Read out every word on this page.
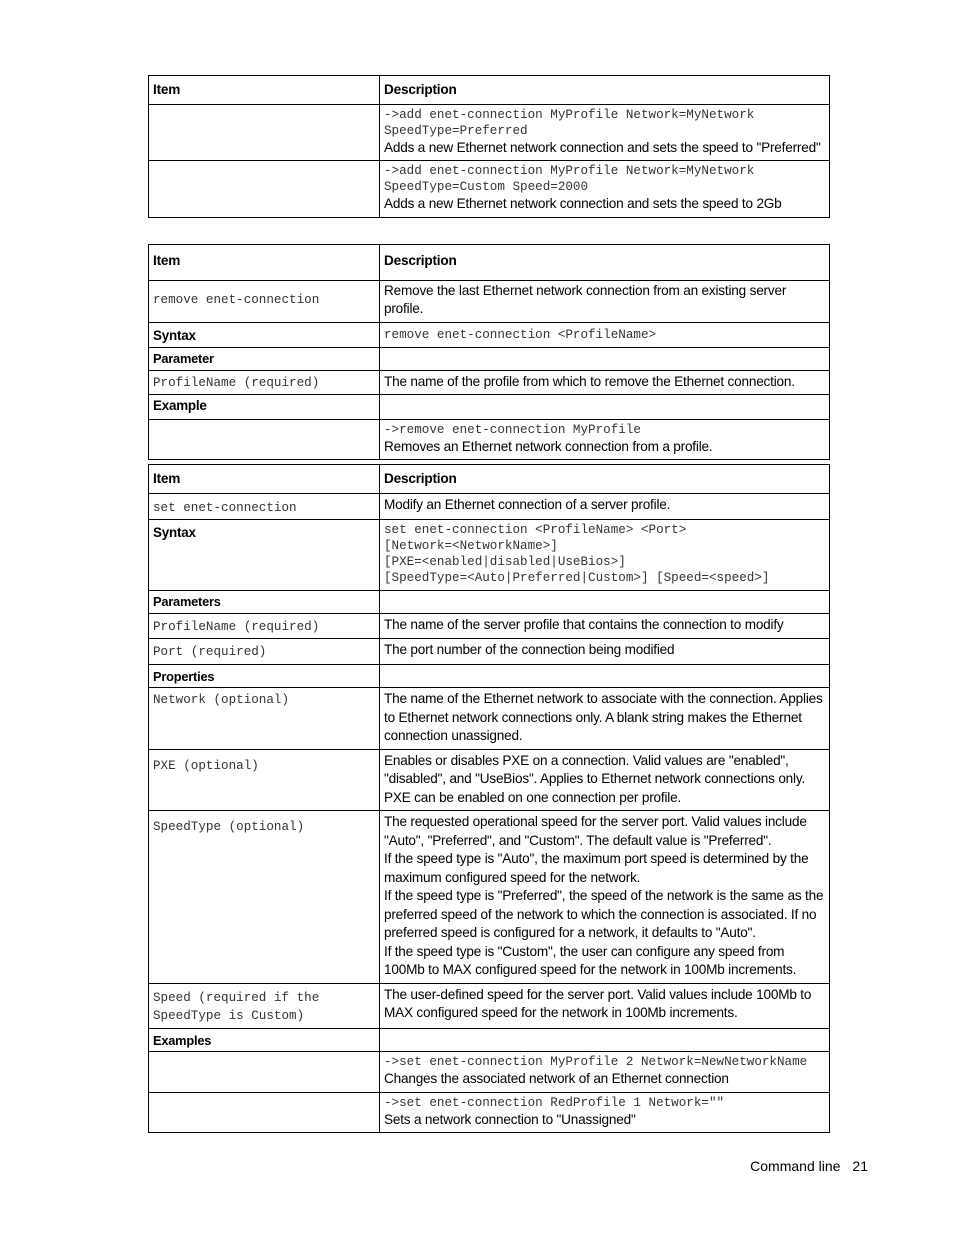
Item	Description

	->add enet-connection MyProfile Network=MyNetwork SpeedType=Preferred
Adds a new Ethernet network connection and sets the speed to "Preferred"

	->add enet-connection MyProfile Network=MyNetwork SpeedType=Custom Speed=2000
Adds a new Ethernet network connection and sets the speed to 2Gb
Item	Description
remove enet-connection	Remove the last Ethernet network connection from an existing server profile.
Syntax	remove enet-connection <ProfileName>
Parameter	
ProfileName (required)	The name of the profile from which to remove the Ethernet connection.
Example	

	->remove enet-connection MyProfile
Removes an Ethernet network connection from a profile.
Item	Description
set enet-connection	Modify an Ethernet connection of a server profile.
Syntax	set enet-connection <ProfileName> <Port>
[Network=<NetworkName>]
[PXE=<enabled|disabled|UseBios>]
[SpeedType=<Auto|Preferred|Custom>] [Speed=<speed>]

Parameters	
ProfileName (required)	The name of the server profile that contains the connection to modify
Port (required)	The port number of the connection being modified
Properties	
Network (optional)	The name of the Ethernet network to associate with the connection. Applies to Ethernet network connections only. A blank string makes the Ethernet connection unassigned.
PXE (optional)	Enables or disables PXE on a connection. Valid values are "enabled", "disabled", and "UseBios". Applies to Ethernet network connections only. PXE can be enabled on one connection per profile.
SpeedType (optional)	The requested operational speed for the server port. Valid values include "Auto", "Preferred", and "Custom". The default value is "Preferred".
If the speed type is "Auto", the maximum port speed is determined by the maximum configured speed for the network.
If the speed type is "Preferred", the speed of the network is the same as the preferred speed of the network to which the connection is associated. If no preferred speed is configured for a network, it defaults to "Auto".
If the speed type is "Custom", the user can configure any speed from 100Mb to MAX configured speed for the network in 100Mb increments.

Speed (required if the SpeedType is Custom)	The user-defined speed for the server port. Valid values include 100Mb to MAX configured speed for the network in 100Mb increments.
Examples	

	->set enet-connection MyProfile 2 Network=NewNetworkName
Changes the associated network of an Ethernet connection

	->set enet-connection RedProfile 1 Network=""
Sets a network connection to "Unassigned"
Command line 21
